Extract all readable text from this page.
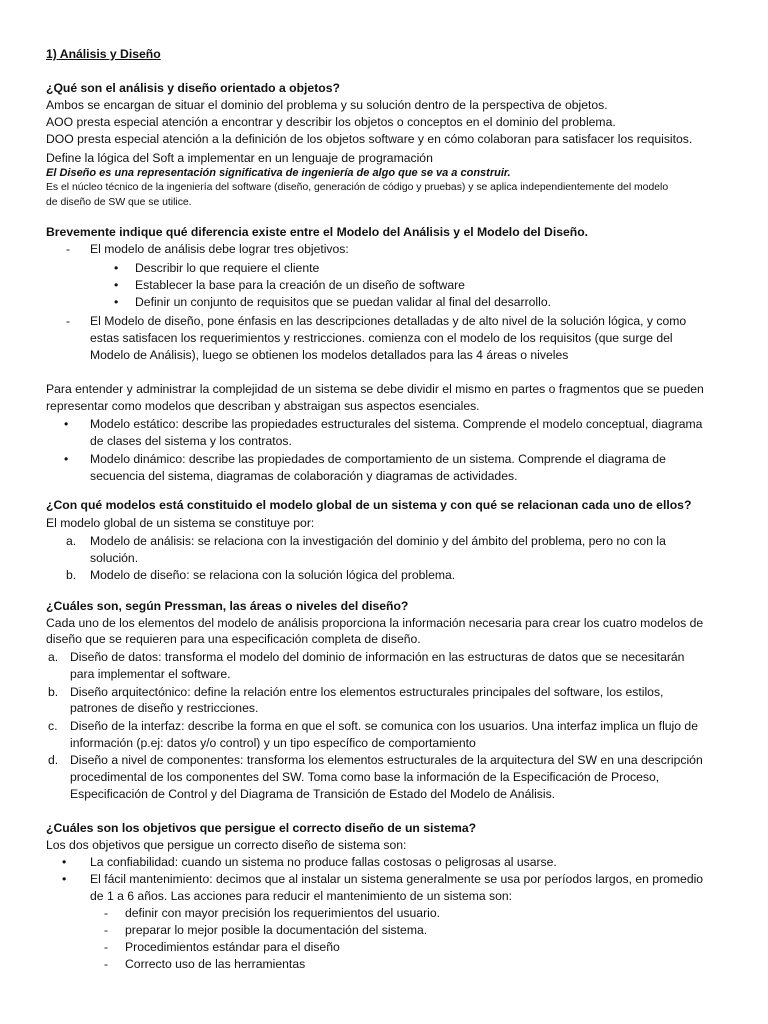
1) Análisis y Diseño
¿Qué son el análisis y diseño orientado a objetos?
Ambos se encargan de situar el dominio del problema y su solución dentro de la perspectiva de objetos.
AOO presta especial atención a encontrar y describir los objetos o conceptos en el dominio del problema.
DOO presta especial atención a la definición de los objetos software y en cómo colaboran para satisfacer los requisitos.
Define la lógica del Soft a implementar en un lenguaje de programación
El Diseño es una representación significativa de ingeniería de algo que se va a construir.
Es el núcleo técnico de la ingeniería del software (diseño, generación de código y pruebas) y se aplica independientemente del modelo
de diseño de SW que se utilice.
Brevemente indique qué diferencia existe entre el Modelo del Análisis y el Modelo del Diseño.
- El modelo de análisis debe lograr tres objetivos:
• Describir lo que requiere el cliente
• Establecer la base para la creación de un diseño de software
• Definir un conjunto de requisitos que se puedan validar al final del desarrollo.
- El Modelo de diseño, pone énfasis en las descripciones detalladas y de alto nivel de la solución lógica, y como
estas satisfacen los requerimientos y restricciones. comienza con el modelo de los requisitos (que surge del
Modelo de Análisis), luego se obtienen los modelos detallados para las 4 áreas o niveles
Para entender y administrar la complejidad de un sistema se debe dividir el mismo en partes o fragmentos que se pueden
representar como modelos que describan y abstraigan sus aspectos esenciales.
• Modelo estático: describe las propiedades estructurales del sistema. Comprende el modelo conceptual, diagrama
de clases del sistema y los contratos.
• Modelo dinámico: describe las propiedades de comportamiento de un sistema. Comprende el diagrama de
secuencia del sistema, diagramas de colaboración y diagramas de actividades.
¿Con qué modelos está constituido el modelo global de un sistema y con qué se relacionan cada uno de ellos?
El modelo global de un sistema se constituye por:
a. Modelo de análisis: se relaciona con la investigación del dominio y del ámbito del problema, pero no con la
solución.
b. Modelo de diseño: se relaciona con la solución lógica del problema.
¿Cuáles son, según Pressman, las áreas o niveles del diseño?
Cada uno de los elementos del modelo de análisis proporciona la información necesaria para crear los cuatro modelos de
diseño que se requieren para una especificación completa de diseño.
a. Diseño de datos: transforma el modelo del dominio de información en las estructuras de datos que se necesitarán
para implementar el software.
b. Diseño arquitectónico: define la relación entre los elementos estructurales principales del software, los estilos,
patrones de diseño y restricciones.
c. Diseño de la interfaz: describe la forma en que el soft. se comunica con los usuarios. Una interfaz implica un flujo de
información (p.ej: datos y/o control) y un tipo específico de comportamiento
d. Diseño a nivel de componentes: transforma los elementos estructurales de la arquitectura del SW en una descripción
procedimental de los componentes del SW. Toma como base la información de la Especificación de Proceso,
Especificación de Control y del Diagrama de Transición de Estado del Modelo de Análisis.
¿Cuáles son los objetivos que persigue el correcto diseño de un sistema?
Los dos objetivos que persigue un correcto diseño de sistema son:
• La confiabilidad: cuando un sistema no produce fallas costosas o peligrosas al usarse.
• El fácil mantenimiento: decimos que al instalar un sistema generalmente se usa por períodos largos, en promedio
de 1 a 6 años. Las acciones para reducir el mantenimiento de un sistema son:
- definir con mayor precisión los requerimientos del usuario.
- preparar lo mejor posible la documentación del sistema.
- Procedimientos estándar para el diseño
- Correcto uso de las herramientas
